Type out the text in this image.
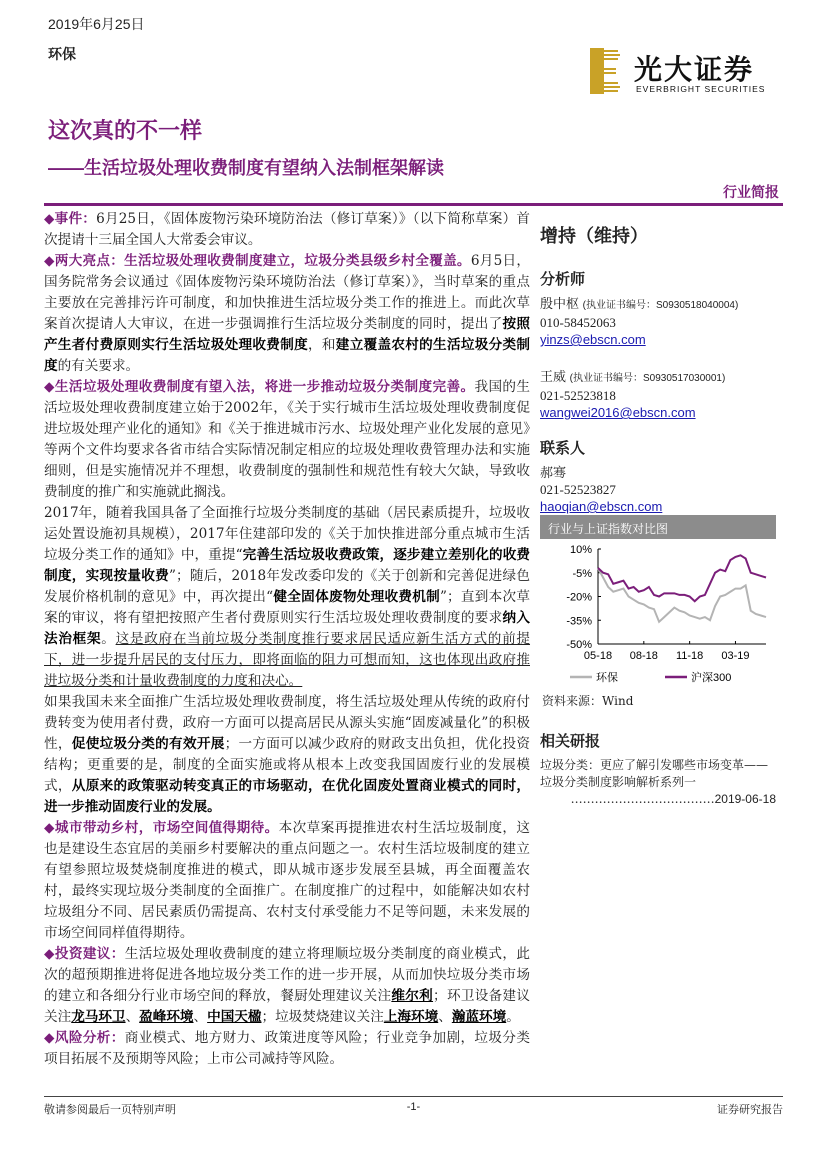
2019年6月25日
环保
这次真的不一样
——生活垃圾处理收费制度有望纳入法制框架解读
行业简报
光大证券
EVERBRIGHT SECURITIES

◆事件：6月25日，《固体废物污染环境防治法（修订草案）》（以下简称草案）首次提请十三届全国人大常委会审议。

◆两大亮点：生活垃圾处理收费制度建立，垃圾分类县级乡村全覆盖。6月5日，国务院常务会议通过《固体废物污染环境防治法（修订草案）》，当时草案的重点主要放在完善排污许可制度，和加快推进生活垃圾分类工作的推进上。而此次草案首次提请人大审议，在进一步强调推行生活垃圾分类制度的同时，提出了按照产生者付费原则实行生活垃圾处理收费制度，和建立覆盖农村的生活垃圾分类制度的有关要求。

◆生活垃圾处理收费制度有望入法，将进一步推动垃圾分类制度完善。我国的生活垃圾处理收费制度建立始于2002年，《关于实行城市生活垃圾处理收费制度促进垃圾处理产业化的通知》和《关于推进城市污水、垃圾处理产业化发展的意见》等两个文件均要求各省市结合实际情况制定相应的垃圾处理收费管理办法和实施细则，但是实施情况并不理想，收费制度的强制性和规范性有较大欠缺，导致收费制度的推广和实施就此搁浅。

2017年，随着我国具备了全面推行垃圾分类制度的基础（居民素质提升，垃圾收运处置设施初具规模），2017年住建部印发的《关于加快推进部分重点城市生活垃圾分类工作的通知》中，重提“完善生活垃圾收费政策，逐步建立差别化的收费制度，实现按量收费”；随后，2018年发改委印发的《关于创新和完善促进绿色发展价格机制的意见》中，再次提出“健全固体废物处理收费机制”；直到本次草案的审议，将有望把按照产生者付费原则实行生活垃圾处理收费制度的要求纳入法治框架。这是政府在当前垃圾分类制度推行要求居民适应新生活方式的前提下，进一步提升居民的支付压力，即将面临的阻力可想而知，这也体现出政府推进垃圾分类和计量收费制度的力度和决心。

如果我国未来全面推广生活垃圾处理收费制度，将生活垃圾处理从传统的政府付费转变为使用者付费，政府一方面可以提高居民从源头实施“固废减量化”的积极性，促使垃圾分类的有效开展；一方面可以减少政府的财政支出负担，优化投资结构；更重要的是，制度的全面实施或将从根本上改变我国固废行业的发展模式，从原来的政策驱动转变真正的市场驱动，在优化固废处置商业模式的同时，进一步推动固废行业的发展。

◆城市带动乡村，市场空间值得期待。本次草案再提推进农村生活垃圾制度，这也是建设生态宜居的美丽乡村要解决的重点问题之一。农村生活垃圾制度的建立有望参照垃圾焚烧制度推进的模式，即从城市逐步发展至县城，再全面覆盖农村，最终实现垃圾分类制度的全面推广。在制度推广的过程中，如能解决如农村垃圾组分不同、居民素质仍需提高、农村支付承受能力不足等问题，未来发展的市场空间同样值得期待。

◆投资建议：生活垃圾处理收费制度的建立将理顺垃圾分类制度的商业模式，此次的超预期推进将促进各地垃圾分类工作的进一步开展，从而加快垃圾分类市场的建立和各细分行业市场空间的释放，餐厨处理建议关注维尔利；环卫设备建议关注龙马环卫、盈峰环境、中国天楹；垃圾焚烧建议关注上海环境、瀚蓝环境。

◆风险分析：商业模式、地方财力、政策进度等风险；行业竞争加剧，垃圾分类项目拓展不及预期等风险；上市公司减持等风险。

增持（维持）
分析师
殷中枢 (执业证书编号：S0930518040004)
010-58452063
yinzs@ebscn.com
王威 (执业证书编号：S0930517030001)
021-52523818
wangwei2016@ebscn.com
联系人
郝骞
021-52523827
haoqian@ebscn.com
行业与上证指数对比图
10%
-5%
-20%
-35%
-50%
05-18 08-18 11-18 03-19
环保	沪深300
资料来源：Wind
相关研报
垃圾分类：更应了解引发哪些市场变革——垃圾分类制度影响解析系列一
………………………………2019-06-18
敬请参阅最后一页特别声明	-1-	证券研究报告
